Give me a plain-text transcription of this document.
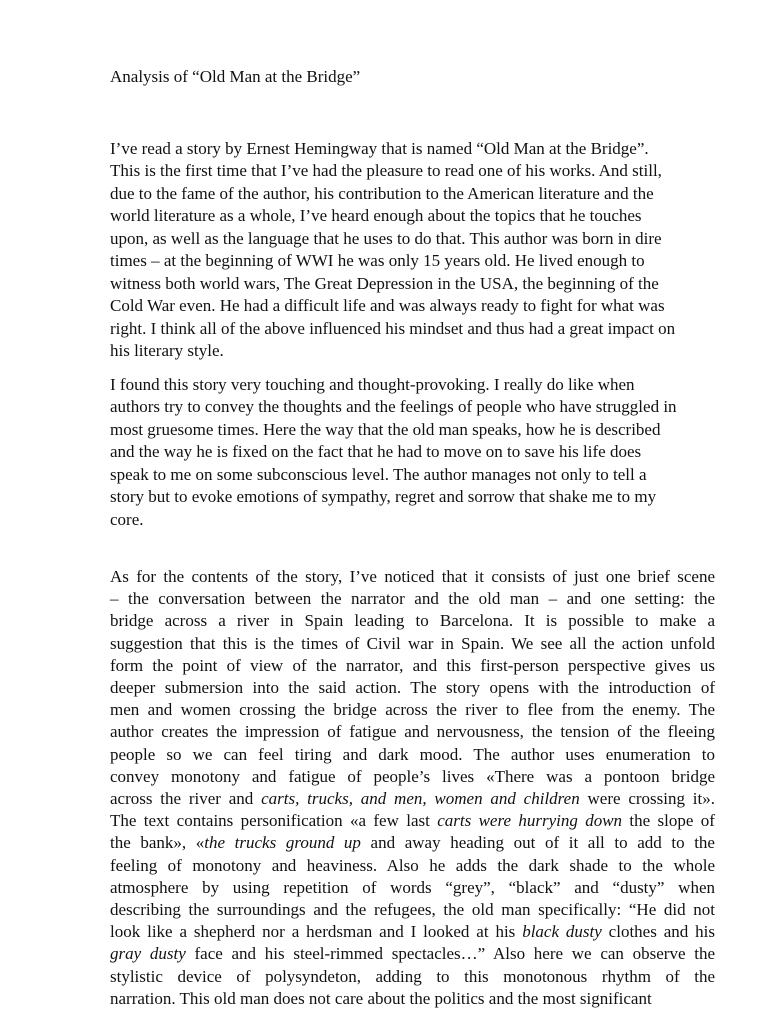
Analysis of “Old Man at the Bridge”
I’ve read a story by Ernest Hemingway that is named “Old Man at the Bridge”.
This is the first time that I’ve had the pleasure to read one of his works. And still,
due to the fame of the author, his contribution to the American literature and the
world literature as a whole, I’ve heard enough about the topics that he touches
upon, as well as the language that he uses to do that. This author was born in dire
times – at the beginning of WWI he was only 15 years old. He lived enough to
witness both world wars, The Great Depression in the USA, the beginning of the
Cold War even. He had a difficult life and was always ready to fight for what was
right. I think all of the above influenced his mindset and thus had a great impact on
his literary style.
I found this story very touching and thought-provoking. I really do like when
authors try to convey the thoughts and the feelings of people who have struggled in
most gruesome times. Here the way that the old man speaks, how he is described
and the way he is fixed on the fact that he had to move on to save his life does
speak to me on some subconscious level. The author manages not only to tell a
story but to evoke emotions of sympathy, regret and sorrow that shake me to my
core.
As for the contents of the story, I’ve noticed that it consists of just one brief scene
– the conversation between the narrator and the old man – and one setting: the
bridge across a river in Spain leading to Barcelona. It is possible to make a
suggestion that this is the times of Civil war in Spain. We see all the action unfold
form the point of view of the narrator, and this first-person perspective gives us
deeper submersion into the said action. The story opens with the introduction of
men and women crossing the bridge across the river to flee from the enemy. The
author creates the impression of fatigue and nervousness, the tension of the fleeing
people so we can feel tiring and dark mood. The author uses enumeration to
convey monotony and fatigue of people’s lives «There was a pontoon bridge
across the river and carts, trucks, and men, women and children were crossing it».
The text contains personification «a few last carts were hurrying down the slope of
the bank», «the trucks ground up and away heading out of it all to add to the
feeling of monotony and heaviness. Also he adds the dark shade to the whole
atmosphere by using repetition of words “grey”, “black” and “dusty” when
describing the surroundings and the refugees, the old man specifically: “He did not
look like a shepherd nor a herdsman and I looked at his black dusty clothes and his
gray dusty face and his steel-rimmed spectacles…” Also here we can observe the
stylistic device of polysyndeton, adding to this monotonous rhythm of the
narration. This old man does not care about the politics and the most significant
